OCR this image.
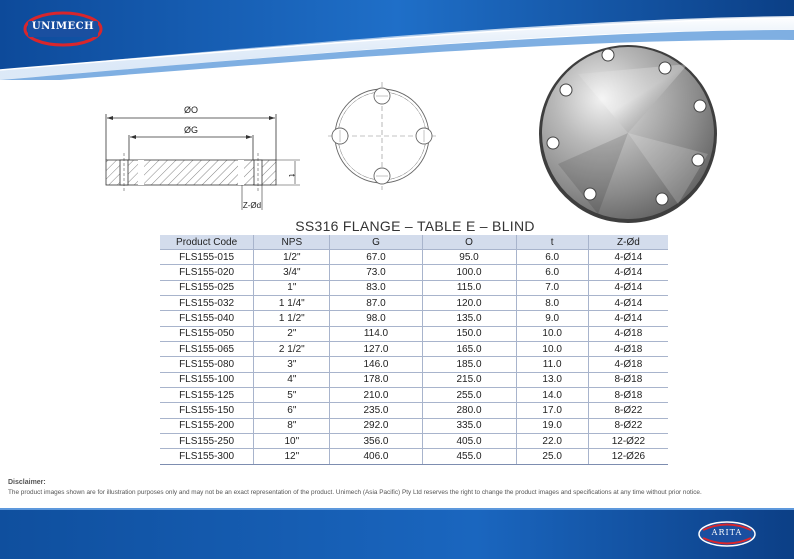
UNIMECH
ØO
ØG
t
Z-Ød
SS316 FLANGE – TABLE E – BLIND
Product Code	NPS	G	O	t	Z-Ød
FLS155-015	1/2"	67.0	95.0	6.0	4-Ø14
FLS155-020	3/4"	73.0	100.0	6.0	4-Ø14
FLS155-025	1"	83.0	115.0	7.0	4-Ø14
FLS155-032	1 1/4"	87.0	120.0	8.0	4-Ø14
FLS155-040	1 1/2"	98.0	135.0	9.0	4-Ø14
FLS155-050	2"	114.0	150.0	10.0	4-Ø18
FLS155-065	2 1/2"	127.0	165.0	10.0	4-Ø18
FLS155-080	3"	146.0	185.0	11.0	4-Ø18
FLS155-100	4"	178.0	215.0	13.0	8-Ø18
FLS155-125	5"	210.0	255.0	14.0	8-Ø18
FLS155-150	6"	235.0	280.0	17.0	8-Ø22
FLS155-200	8"	292.0	335.0	19.0	8-Ø22
FLS155-250	10"	356.0	405.0	22.0	12-Ø22
FLS155-300	12"	406.0	455.0	25.0	12-Ø26
Disclaimer:
The product images shown are for illustration purposes only and may not be an exact representation of the product. Unimech (Asia Pacific) Pty Ltd reserves the right to change the product images and specifications at any time without prior notice.
ARITA
